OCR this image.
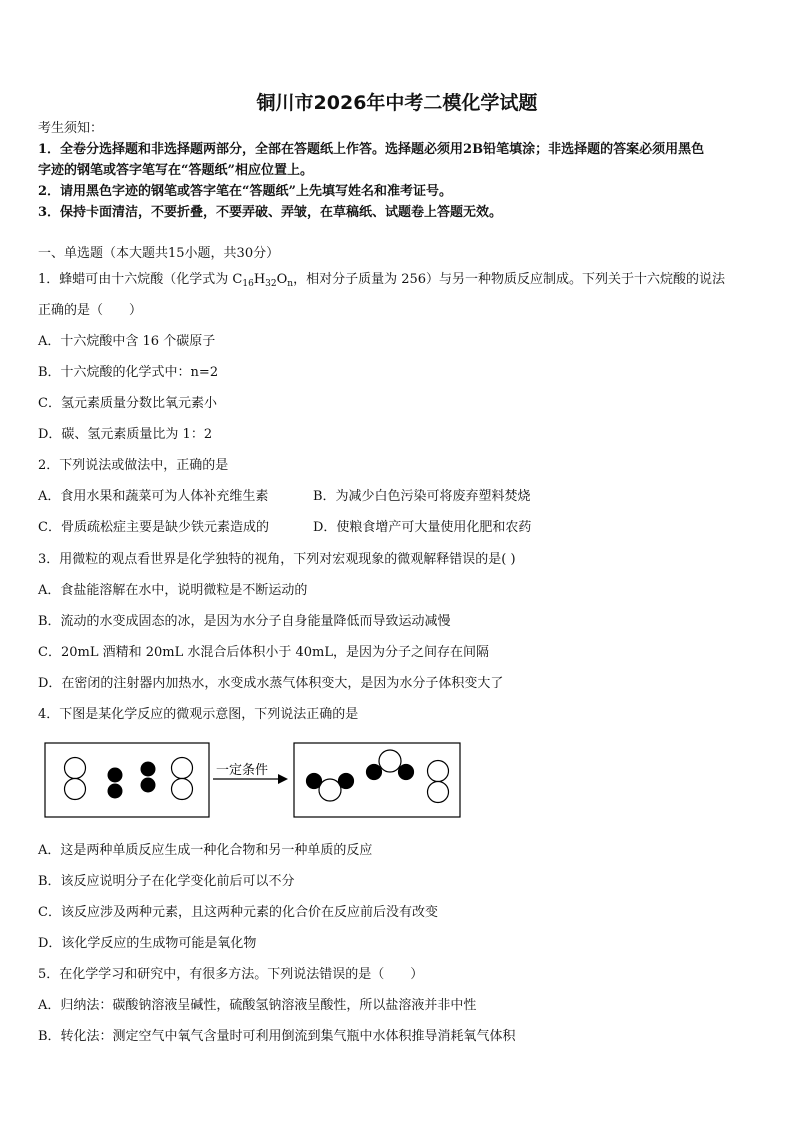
铜川市2026年中考二模化学试题
考生须知：
1．全卷分选择题和非选择题两部分，全部在答题纸上作答。选择题必须用2B铅笔填涂；非选择题的答案必须用黑色
字迹的钢笔或答字笔写在“答题纸”相应位置上。
2．请用黑色字迹的钢笔或答字笔在“答题纸”上先填写姓名和准考证号。
3．保持卡面清洁，不要折叠，不要弄破、弄皱，在草稿纸、试题卷上答题无效。
一、单选题（本大题共15小题，共30分）
1．蜂蜡可由十六烷酸（化学式为 $C_{16}H_{32}O_n$，相对分子质量为 256）与另一种物质反应制成。下列关于十六烷酸的说法
正确的是（　　）
A．十六烷酸中含 16 个碳原子
B．十六烷酸的化学式中：n=2
C．氢元素质量分数比氧元素小
D．碳、氢元素质量比为 1：2
2．下列说法或做法中，正确的是
A．食用水果和蔬菜可为人体补充维生素	B．为减少白色污染可将废弃塑料焚烧
C．骨质疏松症主要是缺少铁元素造成的	D．使粮食增产可大量使用化肥和农药
3．用微粒的观点看世界是化学独特的视角，下列对宏观现象的微观解释错误的是( )
A．食盐能溶解在水中，说明微粒是不断运动的
B．流动的水变成固态的冰，是因为水分子自身能量降低而导致运动减慢
C．20mL 酒精和 20mL 水混合后体积小于 40mL，是因为分子之间存在间隔
D．在密闭的注射器内加热水，水变成水蒸气体积变大，是因为水分子体积变大了
4．下图是某化学反应的微观示意图，下列说法正确的是
一定条件
A．这是两种单质反应生成一种化合物和另一种单质的反应
B．该反应说明分子在化学变化前后可以不分
C．该反应涉及两种元素，且这两种元素的化合价在反应前后没有改变
D．该化学反应的生成物可能是氧化物
5．在化学学习和研究中，有很多方法。下列说法错误的是（　　）
A．归纳法：碳酸钠溶液呈碱性，硫酸氢钠溶液呈酸性，所以盐溶液并非中性
B．转化法：测定空气中氧气含量时可利用倒流到集气瓶中水体积推导消耗氧气体积
